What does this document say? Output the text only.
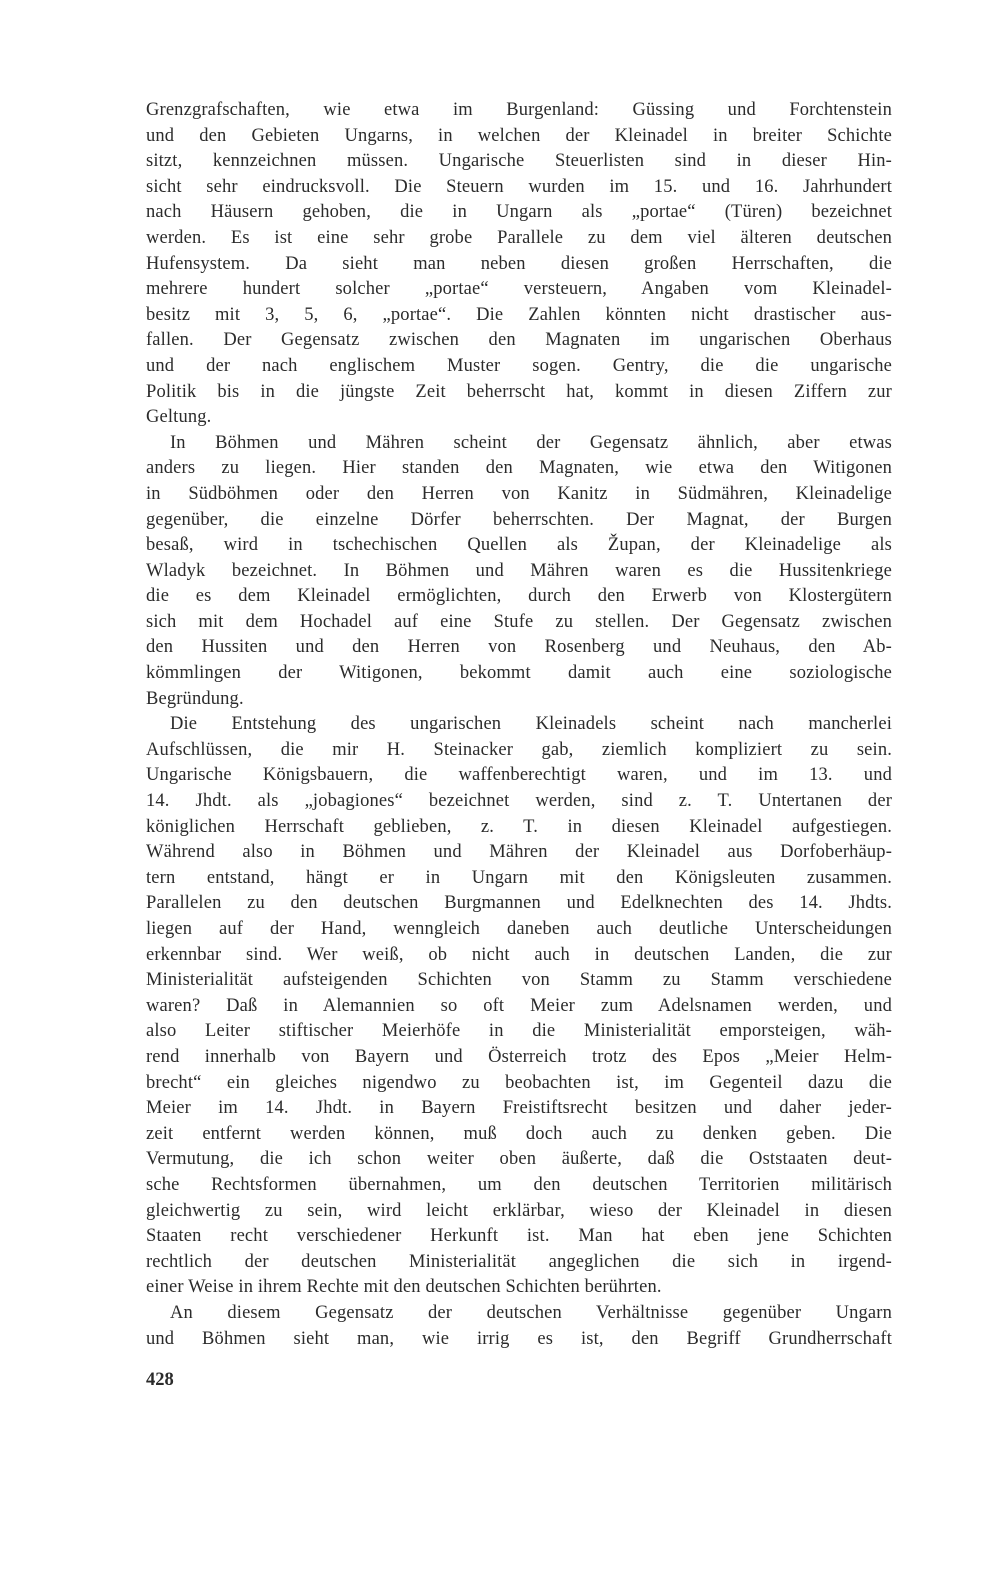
Grenzgrafschaften, wie etwa im Burgenland: Güssing und Forchtenstein
und den Gebieten Ungarns, in welchen der Kleinadel in breiter Schichte
sitzt, kennzeichnen müssen. Ungarische Steuerlisten sind in dieser Hin-
sicht sehr eindrucksvoll. Die Steuern wurden im 15. und 16. Jahrhundert
nach Häusern gehoben, die in Ungarn als „portae“ (Türen) bezeichnet
werden. Es ist eine sehr grobe Parallele zu dem viel älteren deutschen
Hufensystem. Da sieht man neben diesen großen Herrschaften, die
mehrere hundert solcher „portae“ versteuern, Angaben vom Kleinadel-
besitz mit 3, 5, 6, „portae“. Die Zahlen könnten nicht drastischer aus-
fallen. Der Gegensatz zwischen den Magnaten im ungarischen Oberhaus
und der nach englischem Muster sogen. Gentry, die die ungarische
Politik bis in die jüngste Zeit beherrscht hat, kommt in diesen Ziffern zur
Geltung.
In Böhmen und Mähren scheint der Gegensatz ähnlich, aber etwas
anders zu liegen. Hier standen den Magnaten, wie etwa den Witigonen
in Südböhmen oder den Herren von Kanitz in Südmähren, Kleinadelige
gegenüber, die einzelne Dörfer beherrschten. Der Magnat, der Burgen
besaß, wird in tschechischen Quellen als Župan, der Kleinadelige als
Wladyk bezeichnet. In Böhmen und Mähren waren es die Hussitenkriege
die es dem Kleinadel ermöglichten, durch den Erwerb von Klostergütern
sich mit dem Hochadel auf eine Stufe zu stellen. Der Gegensatz zwischen
den Hussiten und den Herren von Rosenberg und Neuhaus, den Ab-
kömmlingen der Witigonen, bekommt damit auch eine soziologische
Begründung.
Die Entstehung des ungarischen Kleinadels scheint nach mancherlei
Aufschlüssen, die mir H. Steinacker gab, ziemlich kompliziert zu sein.
Ungarische Königsbauern, die waffenberechtigt waren, und im 13. und
14. Jhdt. als „jobagiones“ bezeichnet werden, sind z. T. Untertanen der
königlichen Herrschaft geblieben, z. T. in diesen Kleinadel aufgestiegen.
Während also in Böhmen und Mähren der Kleinadel aus Dorfoberhäup-
tern entstand, hängt er in Ungarn mit den Königsleuten zusammen.
Parallelen zu den deutschen Burgmannen und Edelknechten des 14. Jhdts.
liegen auf der Hand, wenngleich daneben auch deutliche Unterscheidungen
erkennbar sind. Wer weiß, ob nicht auch in deutschen Landen, die zur
Ministerialität aufsteigenden Schichten von Stamm zu Stamm verschiedene
waren? Daß in Alemannien so oft Meier zum Adelsnamen werden, und
also Leiter stiftischer Meierhöfe in die Ministerialität emporsteigen, wäh-
rend innerhalb von Bayern und Österreich trotz des Epos „Meier Helm-
brecht“ ein gleiches nigendwo zu beobachten ist, im Gegenteil dazu die
Meier im 14. Jhdt. in Bayern Freistiftsrecht besitzen und daher jeder-
zeit entfernt werden können, muß doch auch zu denken geben. Die
Vermutung, die ich schon weiter oben äußerte, daß die Oststaaten deut-
sche Rechtsformen übernahmen, um den deutschen Territorien militärisch
gleichwertig zu sein, wird leicht erklärbar, wieso der Kleinadel in diesen
Staaten recht verschiedener Herkunft ist. Man hat eben jene Schichten
rechtlich der deutschen Ministerialität angeglichen die sich in irgend-
einer Weise in ihrem Rechte mit den deutschen Schichten berührten.
An diesem Gegensatz der deutschen Verhältnisse gegenüber Ungarn
und Böhmen sieht man, wie irrig es ist, den Begriff Grundherrschaft
428
